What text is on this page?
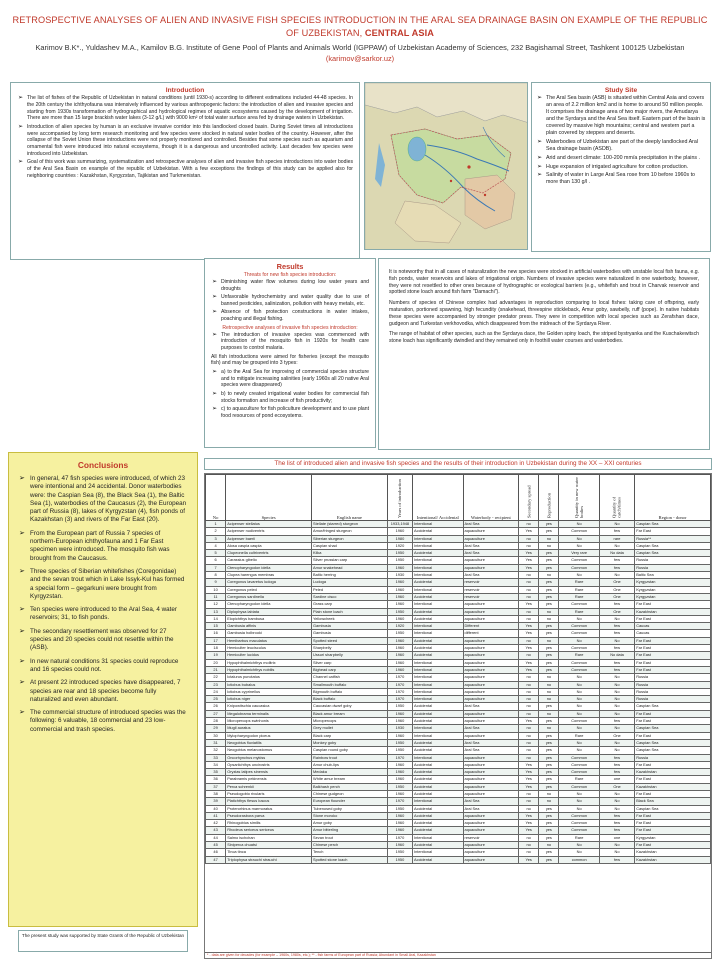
RETROSPECTIVE ANALYSES OF ALIEN AND INVASIVE FISH SPECIES INTRODUCTION IN THE ARAL SEA DRAINAGE BASIN ON EXAMPLE OF THE REPUBLIC OF UZBEKISTAN, CENTRAL ASIA
Karimov B.K*., Yuldashev M.A., Kamilov B.G. Institute of Gene Pool of Plants and Animals World (IGPPAW) of Uzbekistan Academy of Sciences, 232 Bagishamal Street, Tashkent 100125 Uzbekistan (karimov@sarkor.uz)
Introduction
➢ The list of fishes of the Republic of Uzbekistan in natural conditions (until 1930-s) according to different estimations included 44-48 species. In the 20th century the ichthyofauna was intensively influenced by various anthropogenic factors: the introduction of alien and invasive species and starting from 1930s transformation of hydrographical and hydrological regimes of aquatic ecosystems caused by the development of irrigation. There are more than 15 large brackish water lakes (3-12 g/L) with 9000 km² of total water surface area fed by drainage waters in Uzbekistan.
➢ Introduction of alien species by human is an exclusive invasive corridor into this landlocked closed basin. During Soviet times all introductions were accompanied by long term research monitoring and few species were stocked in natural water bodies of the country. However, after the collapse of the Soviet Union these introductions were not properly monitored and controlled. Besides that some species such as aquarium and ornamental fish were introduced into natural ecosystems, though it is a dangerous and uncontrolled activity. Last decades few species were introduced into Uzbekistan.
➢ Goal of this work was summarizing, systematization and retrospective analyses of alien and invasive fish species introductions into water bodies of the Aral Sea Basin on example of the republic of Uzbekistan. With a few exceptions the findings of this study can be applied also for neighboring countries : Kazakhstan, Kyrgyzstan, Tajikistan and Turkmenistan.
Study Site
➢ The Aral Sea basin (ASB) is situated within Central Asia and covers an area of 2.2 million km2 and is home to around 50 million people. It comprises the drainage area of two major rivers, the Amudarya and the Syrdarya and the Aral Sea itself. Eastern part of the basin is covered by massive high mountains; central and western part a plain covered by steppes and deserts.
➢ Waterbodies of Uzbekistan are part of the deeply landlocked Aral Sea drainage basin (ASDB).
➢ Arid and desert climate: 100-200 mm/a precipitation in the plains .
➢ Huge expansion of irrigated agriculture for cotton production.
➢ Salinity of water in Large Aral Sea rose from 10 before 1960s to more than 130 g/l .
Results
Threats for new fish species introduction:
➢ Diminishing water flow volumes during low water years and droughts
➢ Unfavorable hydrochemistry and water quality due to use of banned pesticides, salinization, pollution with heavy metals, etc.
➢ Absence of fish protection constructions in water intakes, poaching and illegal fishing.
Retrospective analyses of invasive fish species introduction:
➢ The introduction of invasive species was commenced with introduction of the mosquito fish in 1920s for health care purposes to control malaria.
All fish introductions were aimed for fisheries (except the mosquito fish) and may be grouped into 3 types:
➢ a) to the Aral Sea for improving of commercial species structure and to mitigate increasing salinities (early 1960s all 20 native Aral species were disappeared)
➢ b) to newly created irrigational water bodies for commercial fish stocks formation and increase of fish productivity;
➢ c) to aquaculture for fish policulture development and to use plant food resources of pond ecosystems.

It is noteworthy that in all cases of naturalization the new species were stocked in artificial waterbodies with unstable local fish fauna, e.g. fish ponds, water reservoirs and lakes of irrigational origin. Numbers of invasive species were naturalized in one waterbody, however, they were not resettled to other ones because of hydrographic or ecological barriers (e.g., whitefish and trout in Charvak reservoir and spotted stone loach around fish farm "Damachi").

Numbers of species of Chinese complex had advantages in reproduction comparing to local fishes: taking care of offspring, early maturation, portioned spawning, high fecundity (snakehead, threespine stickleback, Amur goby, sawbelly, ruff (pope). In native habitats these species were accompanied by stronger predator press. They were in competition with local species such as Zerafshan dace, gudgeon and Turkestan verkhovodka, which disappeared from the midreach of the Syrdarya River.

The range of habitat of other species, such as the Syrdarya dace, the Golden spiny loach, the striped bystryanka and the Kuschakewitsch stone loach has significantly dwindled and they remained only in foothill water courses and waterbodies.

Conclusions
➢ In general, 47 fish species were introduced, of which 23 were intentional and 24 accidental. Donor waterbodies were: the Caspian Sea (8), the Black Sea (1), the Baltic Sea (1), waterbodies of the Caucasus (2), the European part of Russia (8), lakes of Kyrgyzstan (4), fish ponds of Kazakhstan (3) and rivers of the Far East (20).
➢ From the European part of Russia 7 species of northern-European ichthyofauna and 1 Far East specimen were introduced. The mosquito fish was brought from the Caucasus.
➢ Three species of Siberian whitefishes (Coregonidae) and the sevan trout which in Lake Issyk-Kul has formed a special form – gegarkuni were brought from Kyrgyzstan.
➢ Ten species were introduced to the Aral Sea, 4 water reservoirs; 31, to fish ponds.
➢ The secondary resettlement was observed for 27 species and 20 species could not resettle within the (ASB).
➢ In new natural conditions 31 species could reproduce and 16 species could not.
➢ At present 22 introduced species have disappeared, 7 species are rear and 18 species become fully naturalized and even abundant.
➢ The commercial structure of introduced species was the following: 6 valuable, 18 commercial and 23 low-commercial and trash species.
The present study was supported by State Grants of the Republic of Uzbekistan
The list of introduced alien and invasive fish species and the results of their introduction in Uzbekistan during the XX – XXI centuries
No	Species	English name	Years of introduction	Intentional/ Accidental	Waterbody - recipient	Secondary spread	Reproduction	Quantity in new water bodies	Quantity of catch/times	Region - donor
1	Acipenser stellatus	Stellate (starred) sturgeon	1933,1948	Intentional	Aral Sea	no	yes	No	No	Caspian Sea
2	Acipenser nudiventris	Amur/fringed sturgeon	1960	Accidental	aquaculture	Yes	yes	Common	few	Far East
3	Acipenser baerii	Siberian sturgeon	1980	Intentional	aquaculture	no	no	No	rare	Russia**
4	Alosa caspia caspia	Caspian shad	1920	Intentional	Aral Sea	no	no	No	No	Caspian Sea
5	Clupeonella cultriventris	Kilka	1950	Accidental	Aral Sea	Yes	yes	Very rare	No data	Caspian Sea
6	Carassius gibelio	Silver prussian carp	1950	Intentional	aquaculture	Yes	yes	Common	few	Russia
7	Ctenopharyngodon idella	Amur snakehead	1960	Intentional	aquaculture	Yes	yes	Common	few	Russia
8	Clupea harengus membras	Baltic herring	1930	Intentional	Aral Sea	no	no	No	No	Baltic Sea
9	Coregonus lavaretus ludoga	Ludoga	1960	Accidental	reservoir	no	yes	Rare	One	Kyrgyzstan
10	Coregonus peled	Peled	1960	Intentional	reservoir	no	yes	Rare	One	Kyrgyzstan
11	Coregonus sardinella	Sardine cisco	1960	Accidental	reservoir	no	yes	Rare	One	Kyrgyzstan
12	Ctenopharyngodon idella	Grass carp	1960	Intentional	aquaculture	Yes	yes	Common	few	Far East
13	Diplophysa labiata	Plain stone loach	1950	Accidental	aquaculture	no	no	Rare	One	Kazakhstan
14	Elopichthys bambusa	Yellowcheek	1960	Accidental	aquaculture	no	no	No	No	Far East
15	Gambusia affinis	Gambusia	1920	Intentional	Different	Yes	yes	Common	few	Caucas
16	Gambusia holbrooki	Gambusia	1950	Intentional	different	Yes	yes	Common	few	Caucas
17	Hemibarbus maculatus	Spotted steed	1960	Accidental	aquaculture	no	no	No	No	Far East
18	Hemiculter leucisculus	Sharpbelly	1960	Accidental	aquaculture	Yes	yes	Common	few	Far East
19	Hemiculter lucidus	Ussuri sharpbelly	1960	Accidental	aquaculture	no	yes	Rare	No data	Far East
20	Hypophthalmichthys molitrix	Silver carp	1960	Intentional	aquaculture	Yes	yes	Common	few	Far East
21	Hypophthalmichthys nobilis	Bighead carp	1960	Intentional	aquaculture	Yes	yes	Common	few	Far East
22	Ictalurus punctatus	Channel catfish	1970	Intentional	aquaculture	no	no	No	No	Russia
23	Ictiobus bubalus	Smallmouth buffalo	1970	Intentional	aquaculture	no	no	No	No	Russia
24	Ictiobus cyprinellus	Bigmouth buffalo	1970	Intentional	aquaculture	no	no	No	No	Russia
25	Ictiobus niger	Black buffalo	1970	Intentional	aquaculture	no	no	No	No	Russia
26	Knipowitschia caucasica	Caucasian dwarf goby	1950	Accidental	Aral Sea	no	yes	No	No	Caspian Sea
27	Megalobrama terminalis	Black amur bream	1960	Accidental	aquaculture	no	no	No	No	Far East
28	Micropercops swinhonis	Micropercops	1960	Accidental	aquaculture	Yes	yes	Common	few	Far East
29	Mugil auratus	Grey mullet	1930	Intentional	Aral Sea	no	no	No	No	Caspian Sea
30	Mylopharyngodon piceus	Black carp	1960	Intentional	aquaculture	no	yes	Rare	One	Far East
31	Neogobius fluviatilis	Monkey goby	1950	Accidental	Aral Sea	no	yes	No	No	Caspian Sea
32	Neogobius melanostomus	Caspian round goby	1950	Accidental	Aral Sea	no	yes	No	No	Caspian Sea
33	Oncorhynchus mykiss	Rainbow trout	1970	Intentional	aquaculture	no	yes	Common	few	Russia
34	Opsariichthys uncirostris	Amur chub-lips	1960	Accidental	aquaculture	Yes	yes	Common	few	Far East
35	Oryzias latipes sinensis	Medaka	1960	Accidental	aquaculture	Yes	yes	Common	few	Kazakhstan
36	Parabramis pekinensis	White amur bream	1960	Accidental	aquaculture	Yes	yes	Rare	one	Far East
37	Perca schrenkii	Balkhash perch	1950	Accidental	aquaculture	Yes	yes	Common	One	Kazakhstan
38	Pseudogobio rivularis	Chinese gudgeon	1960	Accidental	aquaculture	no	no	No	No	Far East
39	Platichthys flesus luscus	European flounder	1970	Intentional	Aral Sea	no	no	No	No	Black Sea
40	Proterorhinus marmoratus	Tubenosed goby	1950	Accidental	Aral Sea	no	yes	No	No	Caspian Sea
41	Pseudorasbora parva	Stone moroko	1960	Accidental	aquaculture	Yes	yes	Common	few	Far East
42	Rhinogobius similis	Amur goby	1960	Accidental	aquaculture	Yes	yes	Common	few	Far East
43	Rhodeus sericeus sericeus	Amur bitterling	1960	Accidental	aquaculture	Yes	yes	Common	few	Far East
44	Salmo ischchan	Sevan trout	1970	Intentional	reservoir	no	yes	Rare	one	Kyrgyzstan
45	Siniperca chuatsi	Chinese perch	1960	Accidental	aquaculture	no	no	No	No	Far East
46	Tinca tinca	Tench	1950	Intentional	aquaculture	no	yes	No	No	Kazakhstan
47	Triplophysa strauchi strauchi	Spotted stone loach	1950	Accidental	aquaculture	Yes	yes	common	few	Kazakhstan
* - data are given for decades (for example – 1960s, 1980s, etc.); ** - fish farms of European part of Russia; Abundant in Small Aral, Kazakhstan
